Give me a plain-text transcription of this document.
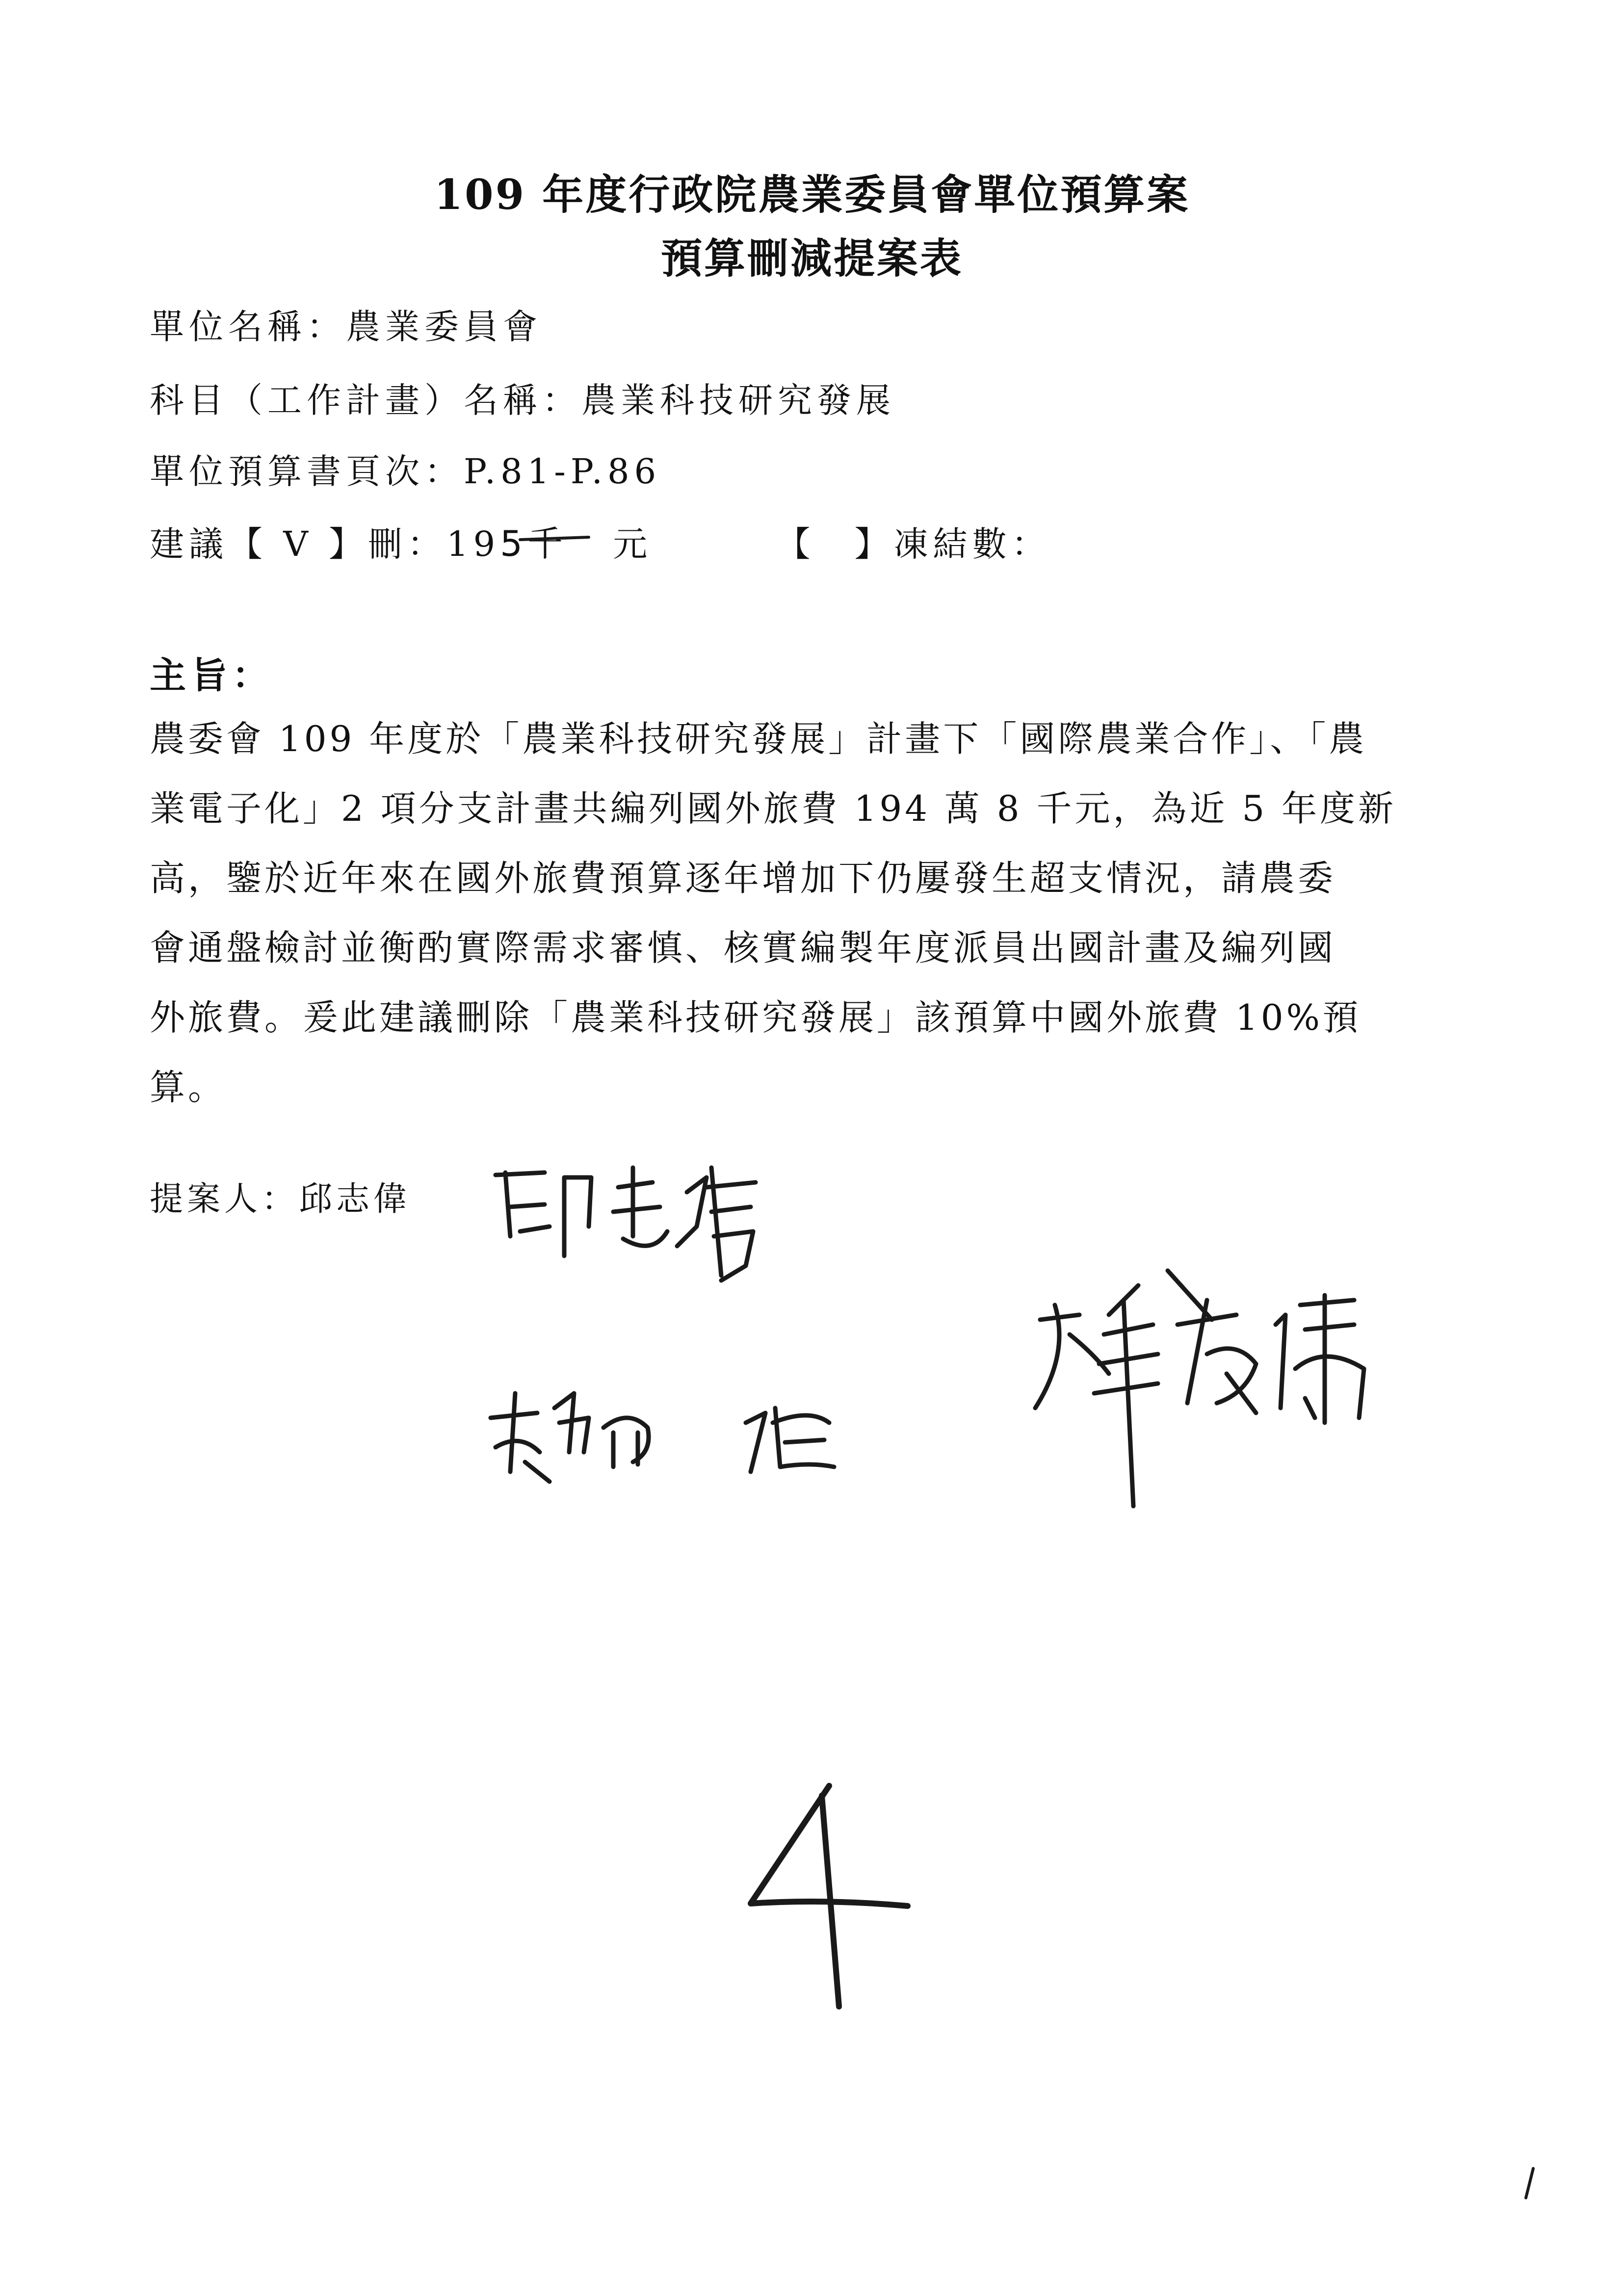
109 年度行政院農業委員會單位預算案
預算刪減提案表
單位名稱：農業委員會
科目（工作計畫）名稱：農業科技研究發展
單位預算書頁次：P.81-P.86
建議【 V 】刪：195千 元	【　】凍結數：
主旨：
農委會 109 年度於「農業科技研究發展」計畫下「國際農業合作」、「農
業電子化」2 項分支計畫共編列國外旅費 194 萬 8 千元，為近 5 年度新
高，鑒於近年來在國外旅費預算逐年增加下仍屢發生超支情況，請農委
會通盤檢討並衡酌實際需求審慎、核實編製年度派員出國計畫及編列國
外旅費。爰此建議刪除「農業科技研究發展」該預算中國外旅費 10%預
算。
提案人：邱志偉
